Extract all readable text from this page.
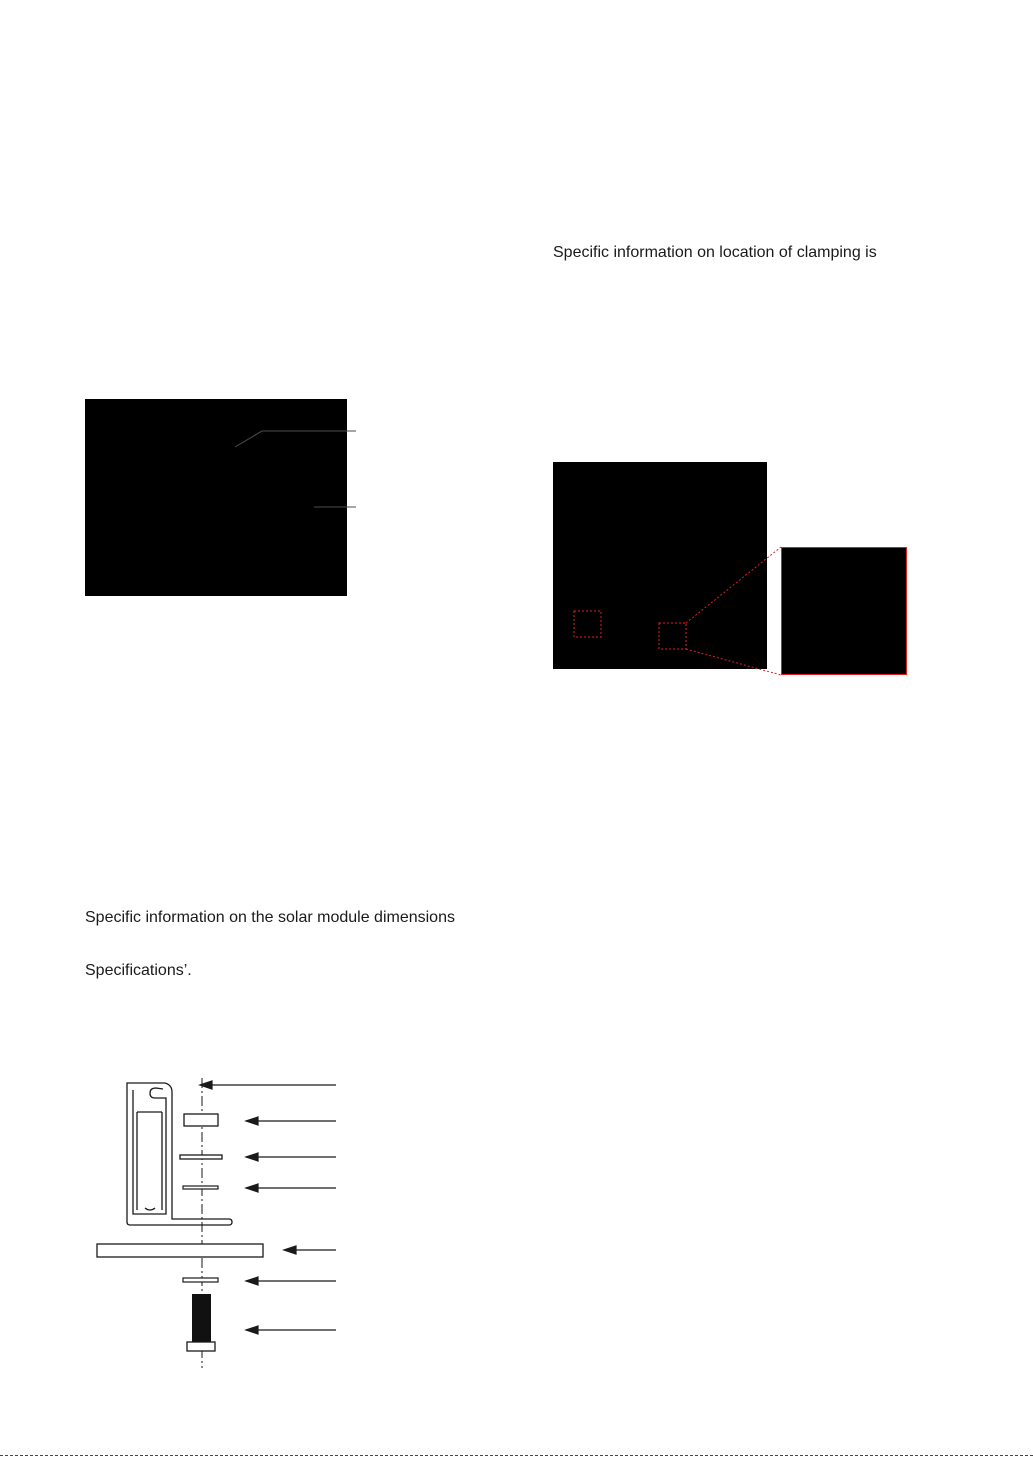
Specific information on location of clamping is
Specific information on the solar module dimensions
Specifications’.
